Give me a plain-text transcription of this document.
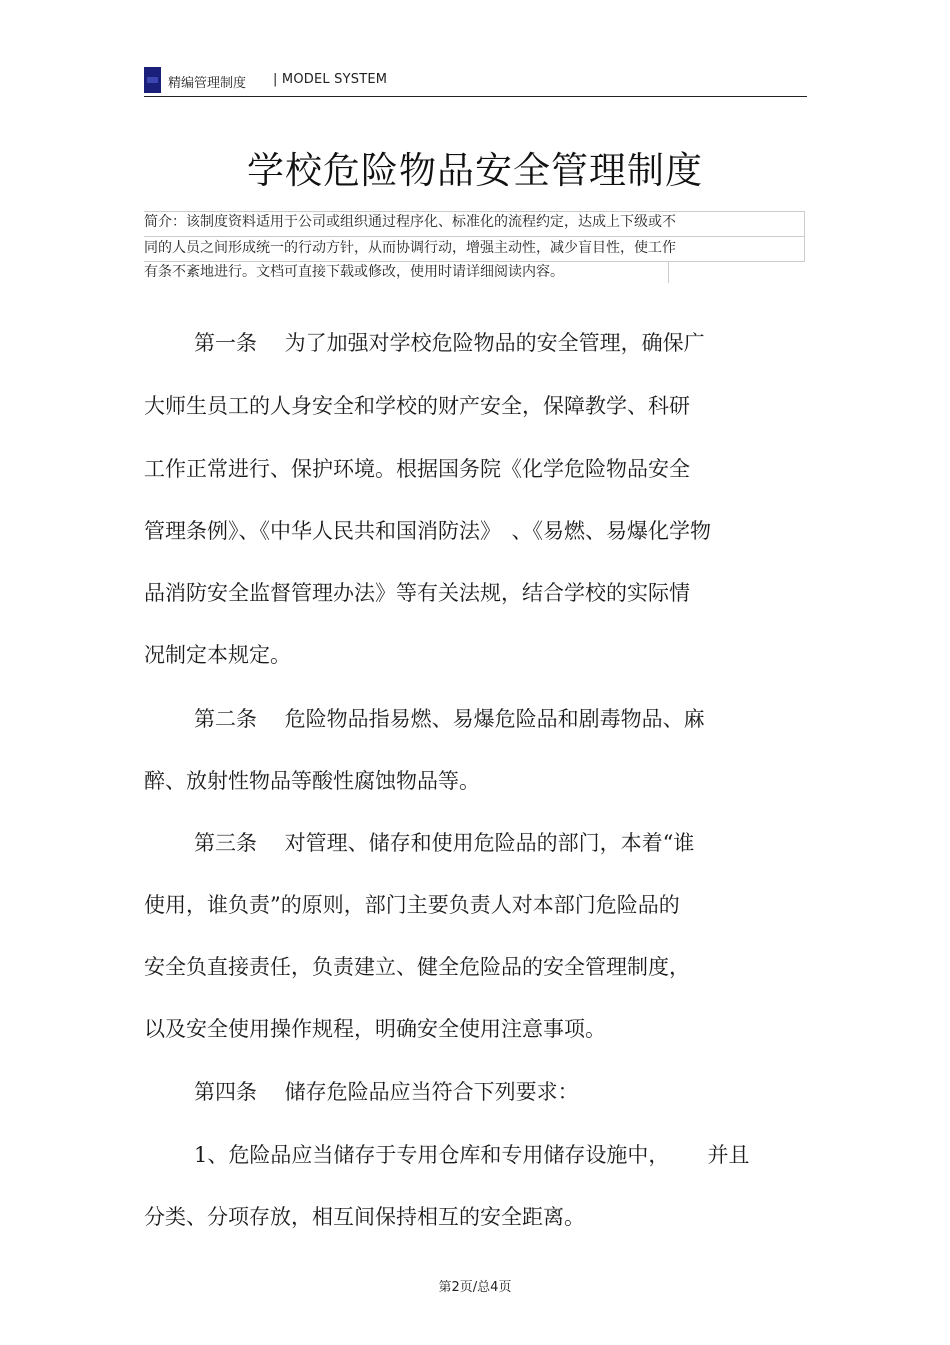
精编管理制度 | MODEL SYSTEM
学校危险物品安全管理制度
简介：该制度资料适用于公司或组织通过程序化、标准化的流程约定，达成上下级或不
同的人员之间形成统一的行动方针，从而协调行动，增强主动性，减少盲目性，使工作
有条不紊地进行。文档可直接下载或修改，使用时请详细阅读内容。
第一条　 为了加强对学校危险物品的安全管理，确保广
大师生员工的人身安全和学校的财产安全，保障教学、科研
工作正常进行、保护环境。根据国务院《化学危险物品安全
管理条例》、《中华人民共和国消防法》　、《易燃、易爆化学物
品消防安全监督管理办法》等有关法规，结合学校的实际情
况制定本规定。
第二条　 危险物品指易燃、易爆危险品和剧毒物品、麻
醉、放射性物品等酸性腐蚀物品等。
第三条　 对管理、储存和使用危险品的部门，本着“谁
使用，谁负责”的原则，部门主要负责人对本部门危险品的
安全负直接责任，负责建立、健全危险品的安全管理制度，
以及安全使用操作规程，明确安全使用注意事项。
第四条　 储存危险品应当符合下列要求：
1、危险品应当储存于专用仓库和专用储存设施中，　　 并且
分类、分项存放，相互间保持相互的安全距离。
第2页/总4页
